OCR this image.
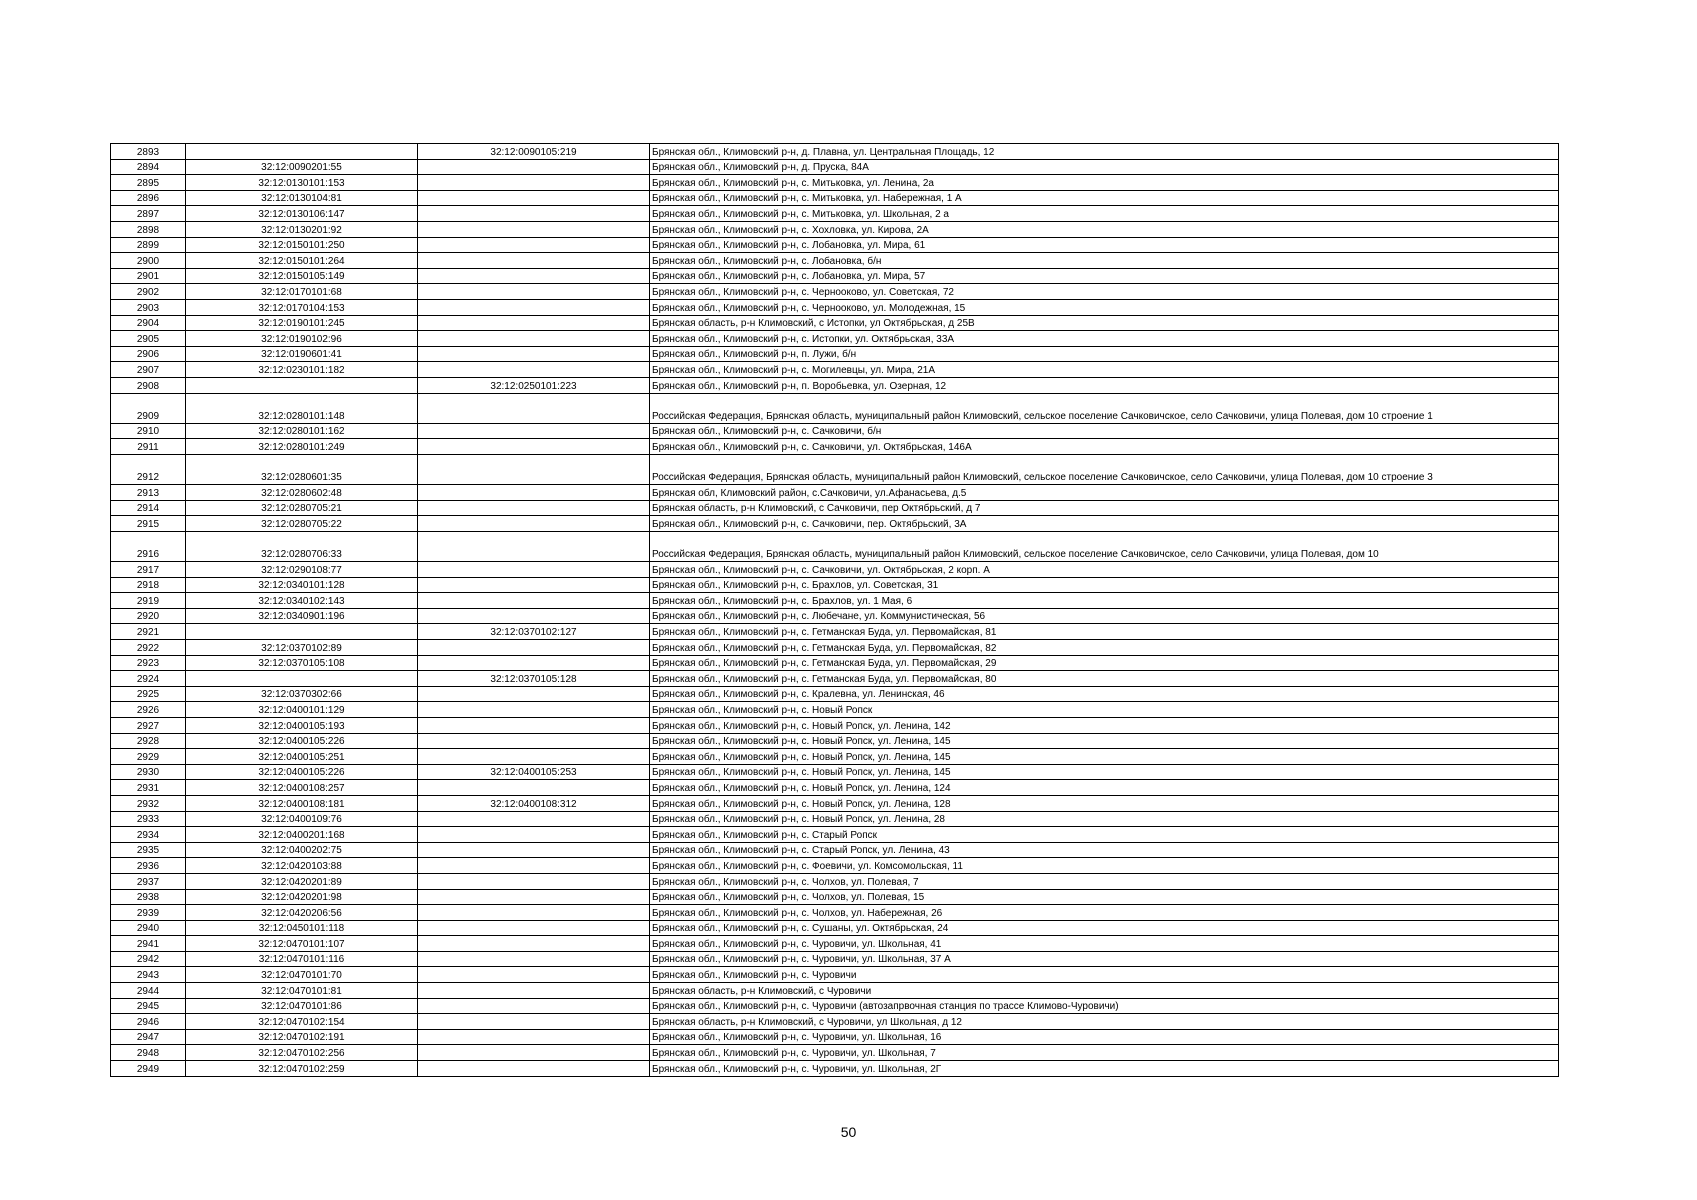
2893		32:12:0090105:219	Брянская обл., Климовский р-н, д. Плавна, ул. Центральная Площадь, 12
2894	32:12:0090201:55		Брянская обл., Климовский р-н, д. Пруска, 84А
2895	32:12:0130101:153		Брянская обл., Климовский р-н, с. Митьковка, ул. Ленина, 2а
2896	32:12:0130104:81		Брянская обл., Климовский р-н, с. Митьковка, ул. Набережная, 1 А
2897	32:12:0130106:147		Брянская обл., Климовский р-н, с. Митьковка, ул. Школьная, 2 а
2898	32:12:0130201:92		Брянская обл., Климовский р-н, с. Хохловка, ул. Кирова, 2А
2899	32:12:0150101:250		Брянская обл., Климовский р-н, с. Лобановка, ул. Мира, 61
2900	32:12:0150101:264		Брянская обл., Климовский р-н, с. Лобановка, б/н
2901	32:12:0150105:149		Брянская обл., Климовский р-н, с. Лобановка, ул. Мира, 57
2902	32:12:0170101:68		Брянская обл., Климовский р-н, с. Чернооково, ул. Советская, 72
2903	32:12:0170104:153		Брянская обл., Климовский р-н, с. Чернооково, ул. Молодежная, 15
2904	32:12:0190101:245		Брянская область, р-н Климовский, с Истопки, ул Октябрьская, д 25В
2905	32:12:0190102:96		Брянская обл., Климовский р-н, с. Истопки, ул. Октябрьская, 33А
2906	32:12:0190601:41		Брянская обл., Климовский р-н, п. Лужи, б/н
2907	32:12:0230101:182		Брянская обл., Климовский р-н, с. Могилевцы, ул. Мира, 21А
2908		32:12:0250101:223	Брянская обл., Климовский р-н, п. Воробьевка, ул. Озерная, 12
2909	32:12:0280101:148		Российская Федерация, Брянская область, муниципальный район Климовский, сельское поселение Сачковичское, село Сачковичи, улица Полевая, дом 10 строение 1
2910	32:12:0280101:162		Брянская обл., Климовский р-н, с. Сачковичи, б/н
2911	32:12:0280101:249		Брянская обл., Климовский р-н, с. Сачковичи, ул. Октябрьская, 146А
2912	32:12:0280601:35		Российская Федерация, Брянская область, муниципальный район Климовский, сельское поселение Сачковичское, село Сачковичи, улица Полевая, дом 10 строение 3
2913	32:12:0280602:48		Брянская обл, Климовский район, с.Сачковичи, ул.Афанасьева, д.5
2914	32:12:0280705:21		Брянская область, р-н Климовский, с Сачковичи, пер Октябрьский, д 7
2915	32:12:0280705:22		Брянская обл., Климовский р-н, с. Сачковичи, пер. Октябрьский, 3А
2916	32:12:0280706:33		Российская Федерация, Брянская область, муниципальный район Климовский, сельское поселение Сачковичское, село Сачковичи, улица Полевая, дом 10
2917	32:12:0290108:77		Брянская обл., Климовский р-н, с. Сачковичи, ул. Октябрьская, 2 корп. А
2918	32:12:0340101:128		Брянская обл., Климовский р-н, с. Брахлов, ул. Советская, 31
2919	32:12:0340102:143		Брянская обл., Климовский р-н, с. Брахлов, ул. 1 Мая, 6
2920	32:12:0340901:196		Брянская обл., Климовский р-н, с. Любечане, ул. Коммунистическая, 56
2921		32:12:0370102:127	Брянская обл., Климовский р-н, с. Гетманская Буда, ул. Первомайская, 81
2922	32:12:0370102:89		Брянская обл., Климовский р-н, с. Гетманская Буда, ул. Первомайская, 82
2923	32:12:0370105:108		Брянская обл., Климовский р-н, с. Гетманская Буда, ул. Первомайская, 29
2924		32:12:0370105:128	Брянская обл., Климовский р-н, с. Гетманская Буда, ул. Первомайская, 80
2925	32:12:0370302:66		Брянская обл., Климовский р-н, с. Кралевна, ул. Ленинская, 46
2926	32:12:0400101:129		Брянская обл., Климовский р-н, с. Новый Ропск
2927	32:12:0400105:193		Брянская обл., Климовский р-н, с. Новый Ропск, ул. Ленина, 142
2928	32:12:0400105:226		Брянская обл., Климовский р-н, с. Новый Ропск, ул. Ленина, 145
2929	32:12:0400105:251		Брянская обл., Климовский р-н, с. Новый Ропск, ул. Ленина, 145
2930	32:12:0400105:226	32:12:0400105:253	Брянская обл., Климовский р-н, с. Новый Ропск, ул. Ленина, 145
2931	32:12:0400108:257		Брянская обл., Климовский р-н, с. Новый Ропск, ул. Ленина, 124
2932	32:12:0400108:181	32:12:0400108:312	Брянская обл., Климовский р-н, с. Новый Ропск, ул. Ленина, 128
2933	32:12:0400109:76		Брянская обл., Климовский р-н, с. Новый Ропск, ул. Ленина, 28
2934	32:12:0400201:168		Брянская обл., Климовский р-н, с. Старый Ропск
2935	32:12:0400202:75		Брянская обл., Климовский р-н, с. Старый Ропск, ул. Ленина, 43
2936	32:12:0420103:88		Брянская обл., Климовский р-н, с. Фоевичи, ул. Комсомольская, 11
2937	32:12:0420201:89		Брянская обл., Климовский р-н, с. Чолхов, ул. Полевая, 7
2938	32:12:0420201:98		Брянская обл., Климовский р-н, с. Чолхов, ул. Полевая, 15
2939	32:12:0420206:56		Брянская обл., Климовский р-н, с. Чолхов, ул. Набережная, 26
2940	32:12:0450101:118		Брянская обл., Климовский р-н, с. Сушаны, ул. Октябрьская, 24
2941	32:12:0470101:107		Брянская обл., Климовский р-н, с. Чуровичи, ул. Школьная, 41
2942	32:12:0470101:116		Брянская обл., Климовский р-н, с. Чуровичи, ул. Школьная, 37 А
2943	32:12:0470101:70		Брянская обл., Климовский р-н, с. Чуровичи
2944	32:12:0470101:81		Брянская область, р-н Климовский, с Чуровичи
2945	32:12:0470101:86		Брянская обл., Климовский р-н, с. Чуровичи (автозапрвочная станция по трассе Климово-Чуровичи)
2946	32:12:0470102:154		Брянская область, р-н Климовский, с Чуровичи, ул Школьная, д 12
2947	32:12:0470102:191		Брянская обл., Климовский р-н, с. Чуровичи, ул. Школьная, 16
2948	32:12:0470102:256		Брянская обл., Климовский р-н, с. Чуровичи, ул. Школьная, 7
2949	32:12:0470102:259		Брянская обл., Климовский р-н, с. Чуровичи, ул. Школьная, 2Г
50
